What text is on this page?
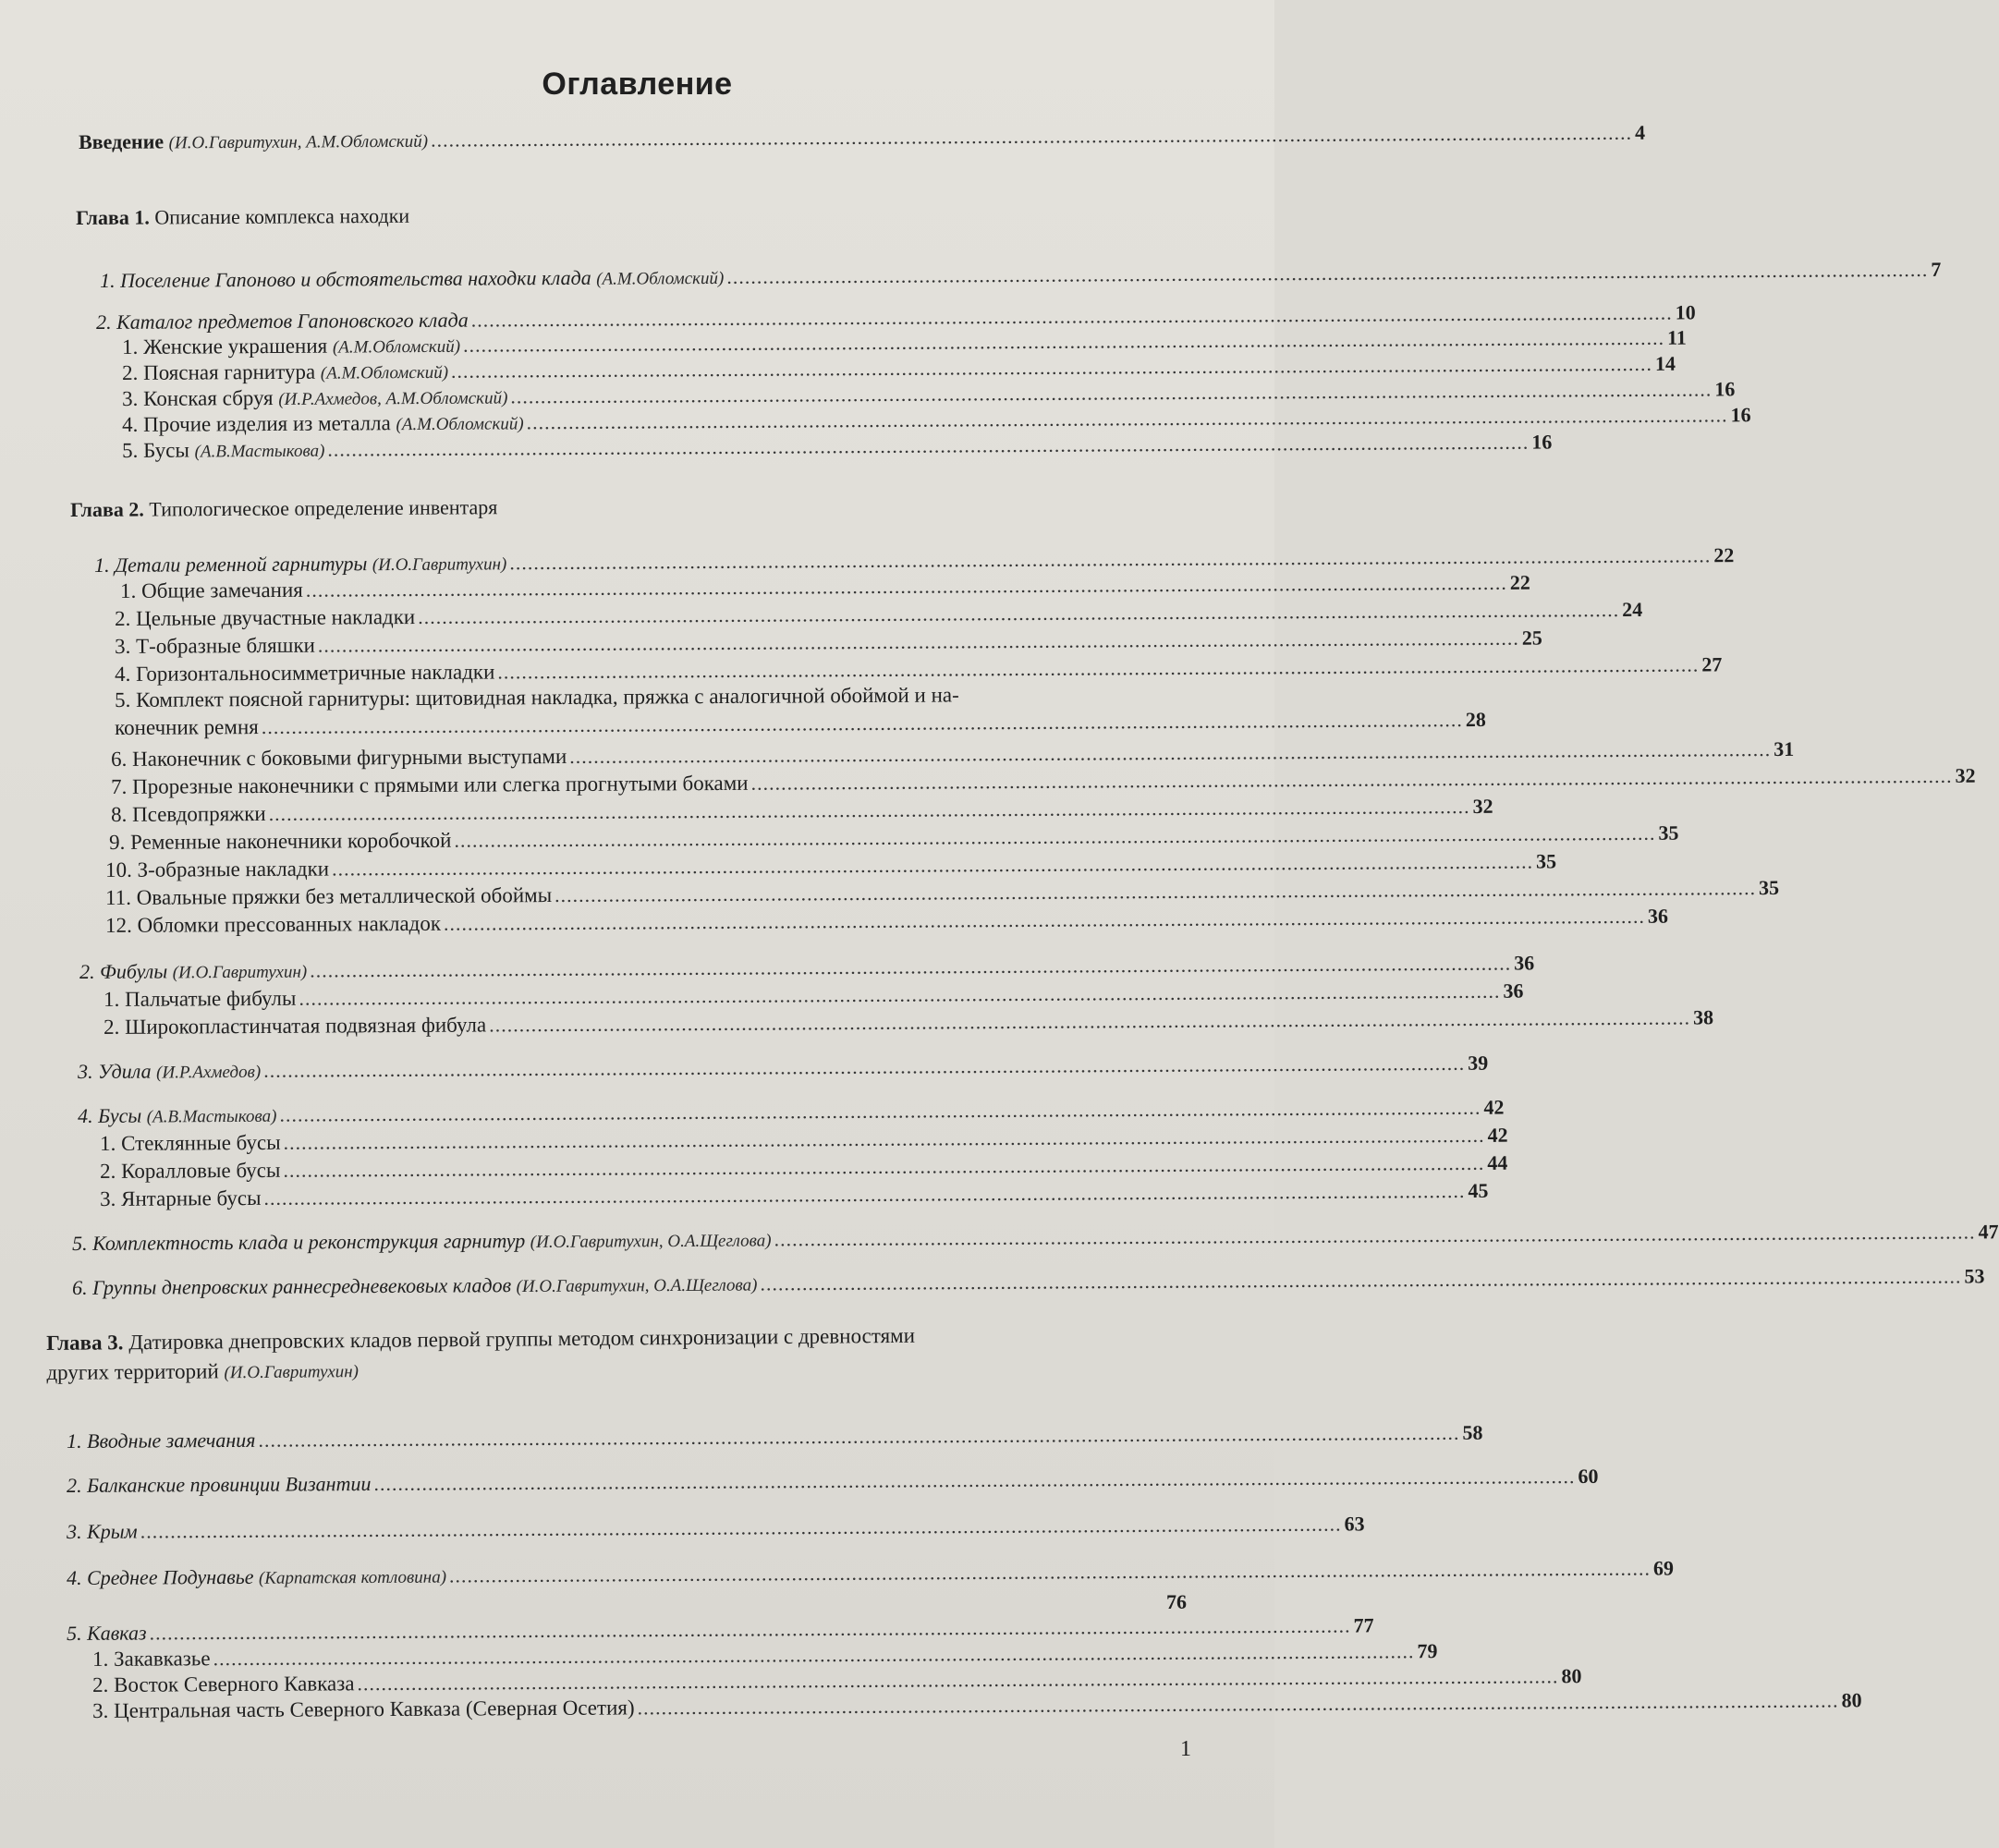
Оглавление
Введение (И.О.Гавритухин, А.М.Обломский) ........................................................................................................................................................................................................ 4
Глава 1. Описание комплекса находки
1. Поселение Гапоново и обстоятельства находки клада (А.М.Обломский) ........................................................................................................................................................................................................ 7
2. Каталог предметов Гапоновского клада ........................................................................................................................................................................................................ 10
1. Женские украшения (А.М.Обломский) ........................................................................................................................................................................................................ 11
2. Поясная гарнитура (А.М.Обломский) ........................................................................................................................................................................................................ 14
3. Конская сбруя (И.Р.Ахмедов, А.М.Обломский) ........................................................................................................................................................................................................ 16
4. Прочие изделия из металла (А.М.Обломский) ........................................................................................................................................................................................................ 16
5. Бусы (А.В.Мастыкова) ........................................................................................................................................................................................................ 16
Глава 2. Типологическое определение инвентаря
1. Детали ременной гарнитуры (И.О.Гавритухин) ........................................................................................................................................................................................................ 22
1. Общие замечания ........................................................................................................................................................................................................ 22
2. Цельные двучастные накладки ........................................................................................................................................................................................................ 24
3. Т-образные бляшки ........................................................................................................................................................................................................ 25
4. Горизонтальносимметричные накладки ........................................................................................................................................................................................................ 27
5. Комплект поясной гарнитуры: щитовидная накладка, пряжка с аналогичной обоймой и на-
конечник ремня ........................................................................................................................................................................................................ 28
6. Наконечник с боковыми фигурными выступами ........................................................................................................................................................................................................ 31
7. Прорезные наконечники с прямыми или слегка прогнутыми боками ........................................................................................................................................................................................................ 32
8. Псевдопряжки ........................................................................................................................................................................................................ 32
9. Ременные наконечники коробочкой ........................................................................................................................................................................................................ 35
10. З-образные накладки ........................................................................................................................................................................................................ 35
11. Овальные пряжки без металлической обоймы ........................................................................................................................................................................................................ 35
12. Обломки прессованных накладок ........................................................................................................................................................................................................ 36
2. Фибулы (И.О.Гавритухин) ........................................................................................................................................................................................................ 36
1. Пальчатые фибулы ........................................................................................................................................................................................................ 36
2. Широкопластинчатая подвязная фибула ........................................................................................................................................................................................................ 38
3. Удила (И.Р.Ахмедов) ........................................................................................................................................................................................................ 39
4. Бусы (А.В.Мастыкова) ........................................................................................................................................................................................................ 42
1. Стеклянные бусы ........................................................................................................................................................................................................ 42
2. Коралловые бусы ........................................................................................................................................................................................................ 44
3. Янтарные бусы ........................................................................................................................................................................................................ 45
5. Комплектность клада и реконструкция гарнитур (И.О.Гавритухин, О.А.Щеглова) ........................................................................................................................................................................................................ 47
6. Группы днепровских раннесредневековых кладов (И.О.Гавритухин, О.А.Щеглова) ........................................................................................................................................................................................................ 53
Глава 3. Датировка днепровских кладов первой группы методом синхронизации с древностями
других территорий (И.О.Гавритухин)
1. Вводные замечания ........................................................................................................................................................................................................ 58
2. Балканские провинции Византии ........................................................................................................................................................................................................ 60
3. Крым ........................................................................................................................................................................................................ 63
4. Среднее Подунавье (Карпатская котловина) ........................................................................................................................................................................................................ 69
76
5. Кавказ ........................................................................................................................................................................................................ 77
1. Закавказье ........................................................................................................................................................................................................ 79
2. Восток Северного Кавказа ........................................................................................................................................................................................................ 80
3. Центральная часть Северного Кавказа (Северная Осетия) ........................................................................................................................................................................................................ 80
1
